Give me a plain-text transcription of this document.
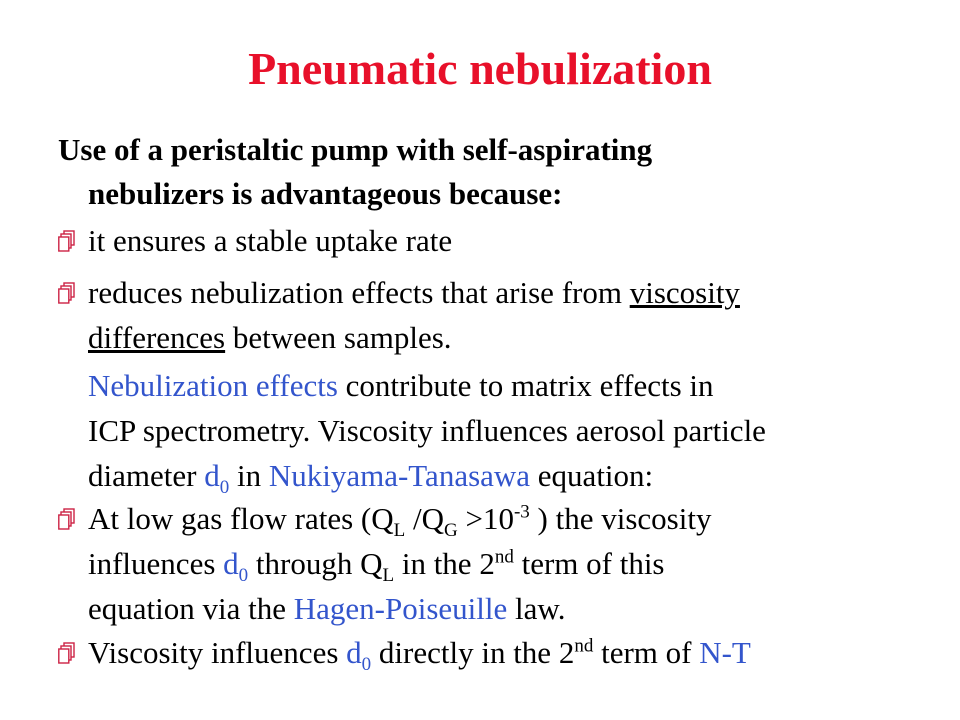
Pneumatic nebulization
Use of a peristaltic pump with self-aspirating
nebulizers is advantageous because:
it ensures a stable uptake rate
reduces nebulization effects that arise from viscosity
differences between samples.
Nebulization effects contribute to matrix effects in
ICP spectrometry. Viscosity influences aerosol particle
diameter $d_0$ in Nukiyama-Tanasawa equation:
At low gas flow rates ($Q_L$ $/Q_G >10^{-3}$ ) the viscosity
influences $d_0$ through $Q_L$ in the 2nd term of this
equation via the Hagen-Poiseuille law.
Viscosity influences $d_0$ directly in the 2nd term of N-T
